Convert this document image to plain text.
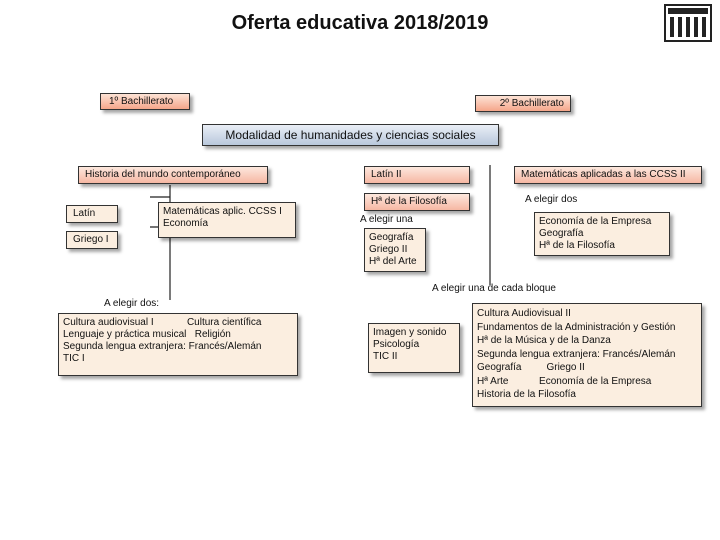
Oferta educativa 2018/2019
1º Bachillerato	2º Bachillerato
Modalidad de humanidades y ciencias sociales
Historia del mundo contemporáneo
Latín
Griego I
Matemáticas aplic. CCSS I
Economía
A elegir dos:
Cultura audiovisual I            Cultura científica
Lenguaje y práctica musical   Religión
Segunda lengua extranjera: Francés/Alemán
TIC I
Latín II	Matemáticas aplicadas a las CCSS II
Hª de la Filosofía
A elegir una
Geografía
Griego II
Hª del Arte
A elegir dos
Economía de la Empresa
Geografía
Hª de la Filosofía
A elegir una de cada bloque
Imagen y sonido
Psicología
TIC II
Cultura Audiovisual II
Fundamentos de la Administración y Gestión
Hª de la Música y de la Danza
Segunda lengua extranjera: Francés/Alemán
Geografía         Griego II
Hª Arte           Economía de la Empresa
Historia de la Filosofía
